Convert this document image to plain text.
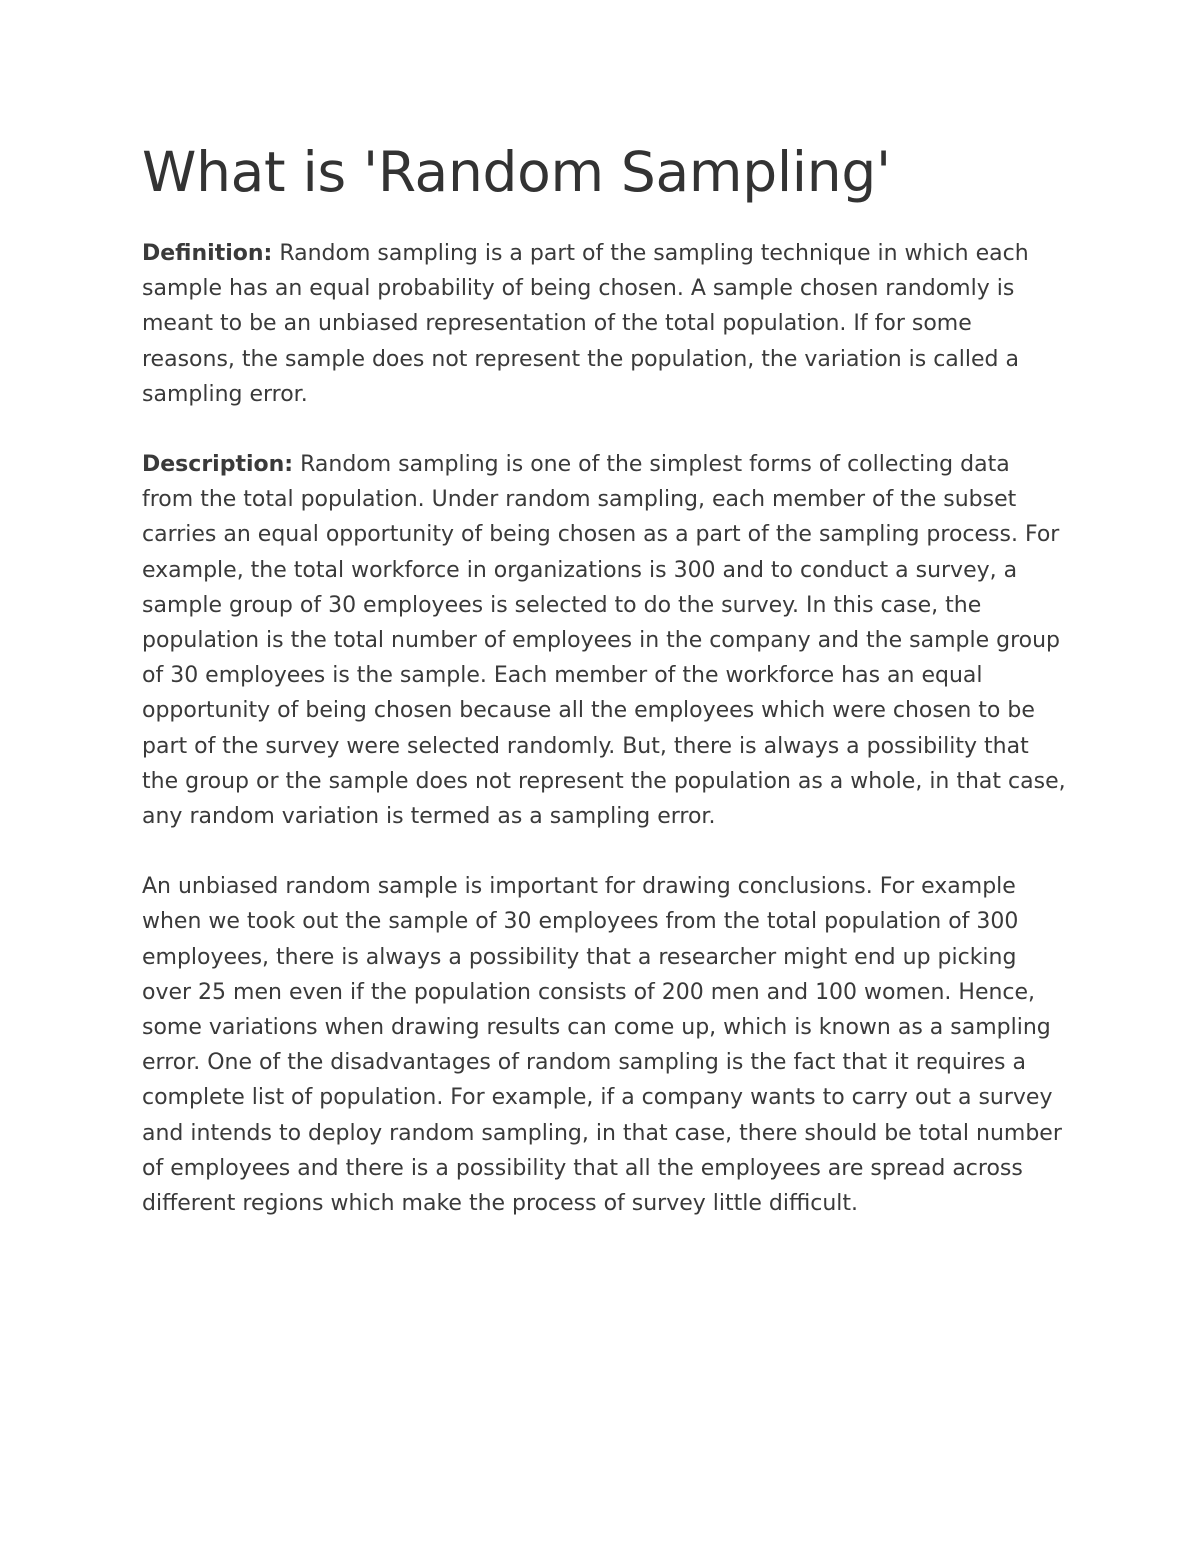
What is 'Random Sampling'

Definition: Random sampling is a part of the sampling technique in which each sample has an equal probability of being chosen. A sample chosen randomly is meant to be an unbiased representation of the total population. If for some reasons, the sample does not represent the population, the variation is called a sampling error.

Description: Random sampling is one of the simplest forms of collecting data from the total population. Under random sampling, each member of the subset carries an equal opportunity of being chosen as a part of the sampling process. For example, the total workforce in organizations is 300 and to conduct a survey, a sample group of 30 employees is selected to do the survey. In this case, the population is the total number of employees in the company and the sample group of 30 employees is the sample. Each member of the workforce has an equal opportunity of being chosen because all the employees which were chosen to be part of the survey were selected randomly. But, there is always a possibility that the group or the sample does not represent the population as a whole, in that case, any random variation is termed as a sampling error.

An unbiased random sample is important for drawing conclusions. For example when we took out the sample of 30 employees from the total population of 300 employees, there is always a possibility that a researcher might end up picking over 25 men even if the population consists of 200 men and 100 women. Hence, some variations when drawing results can come up, which is known as a sampling error. One of the disadvantages of random sampling is the fact that it requires a complete list of population. For example, if a company wants to carry out a survey and intends to deploy random sampling, in that case, there should be total number of employees and there is a possibility that all the employees are spread across different regions which make the process of survey little difficult.
